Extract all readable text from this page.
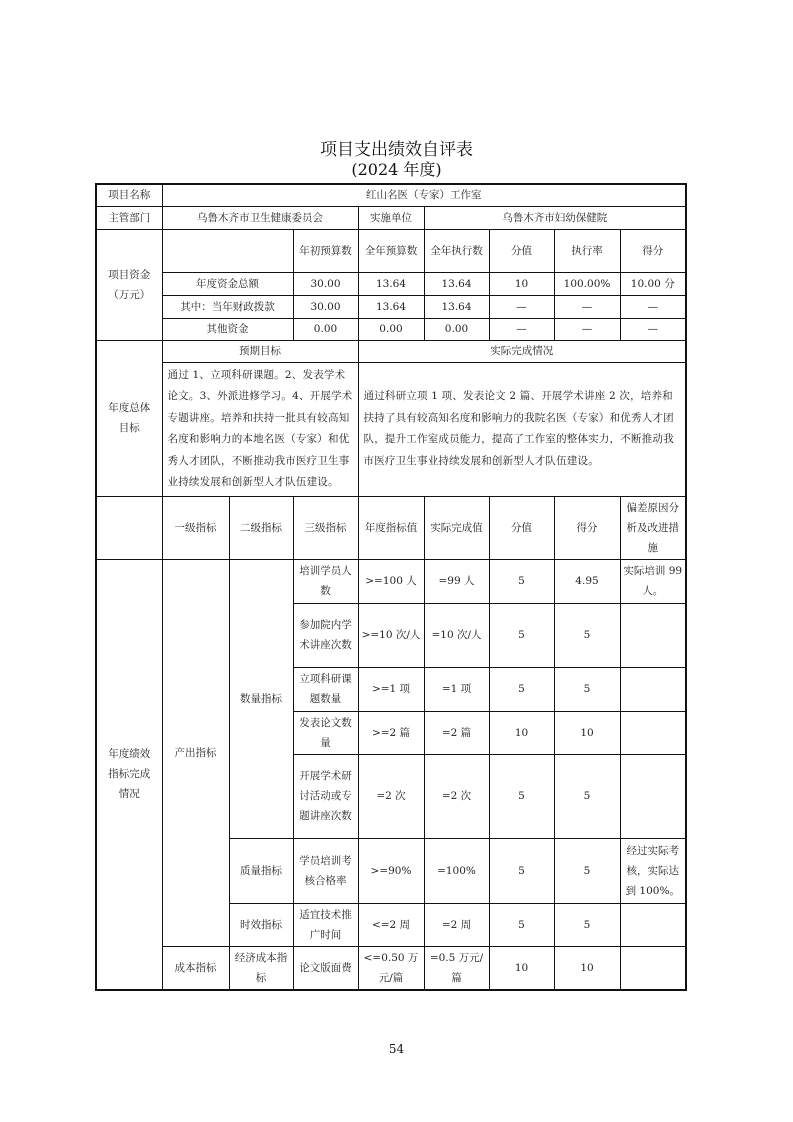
项目支出绩效自评表
(2024 年度)
项目名称	红山名医（专家）工作室							
主管部门	乌鲁木齐市卫生健康委员会			实施单位	乌鲁木齐市妇幼保健院			

项目资金
（万元）			年初预算数	全年预算数	全年执行数	分值	执行率	得分
	年度资金总额		30.00	13.64	13.64	10	100.00%	10.00 分
	其中：当年财政拨款		30.00	13.64	13.64	—	—	—
	其他资金		0.00	0.00	0.00	—	—	—

年度总体
目标	预期目标			实际完成情况				
	通过 1、立项科研课题。2、发表学术论文。3、外派进修学习。4、开展学术专题讲座。培养和扶持一批具有较高知名度和影响力的本地名医（专家）和优秀人才团队，不断推动我市医疗卫生事业持续发展和创新型人才队伍建设。			通过科研立项 1 项、发表论文 2 篇、开展学术讲座 2 次，培养和扶持了具有较高知名度和影响力的我院名医（专家）和优秀人才团队，提升工作室成员能力，提高了工作室的整体实力，不断推动我市医疗卫生事业持续发展和创新型人才队伍建设。				
	一级指标	二级指标	三级指标	年度指标值	实际完成值	分值	得分	偏差原因分析及改进措施

年度绩效
指标完成
情况	产出指标	数量指标	培训学员人数	>=100 人	=99 人	5	4.95	实际培训 99 人。
			参加院内学术讲座次数	>=10 次/人	=10 次/人	5	5	
			立项科研课题数量	>=1 项	=1 项	5	5	
			发表论文数量	>=2 篇	=2 篇	10	10	
			开展学术研讨活动或专题讲座次数	=2 次	=2 次	5	5	
		质量指标	学员培训考核合格率	>=90%	=100%	5	5	经过实际考核，实际达到 100%。
		时效指标	适宜技术推广时间	<=2 周	=2 周	5	5	
	成本指标	经济成本指标	论文版面费	<=0.50 万元/篇	=0.5 万元/篇	10	10	
54
